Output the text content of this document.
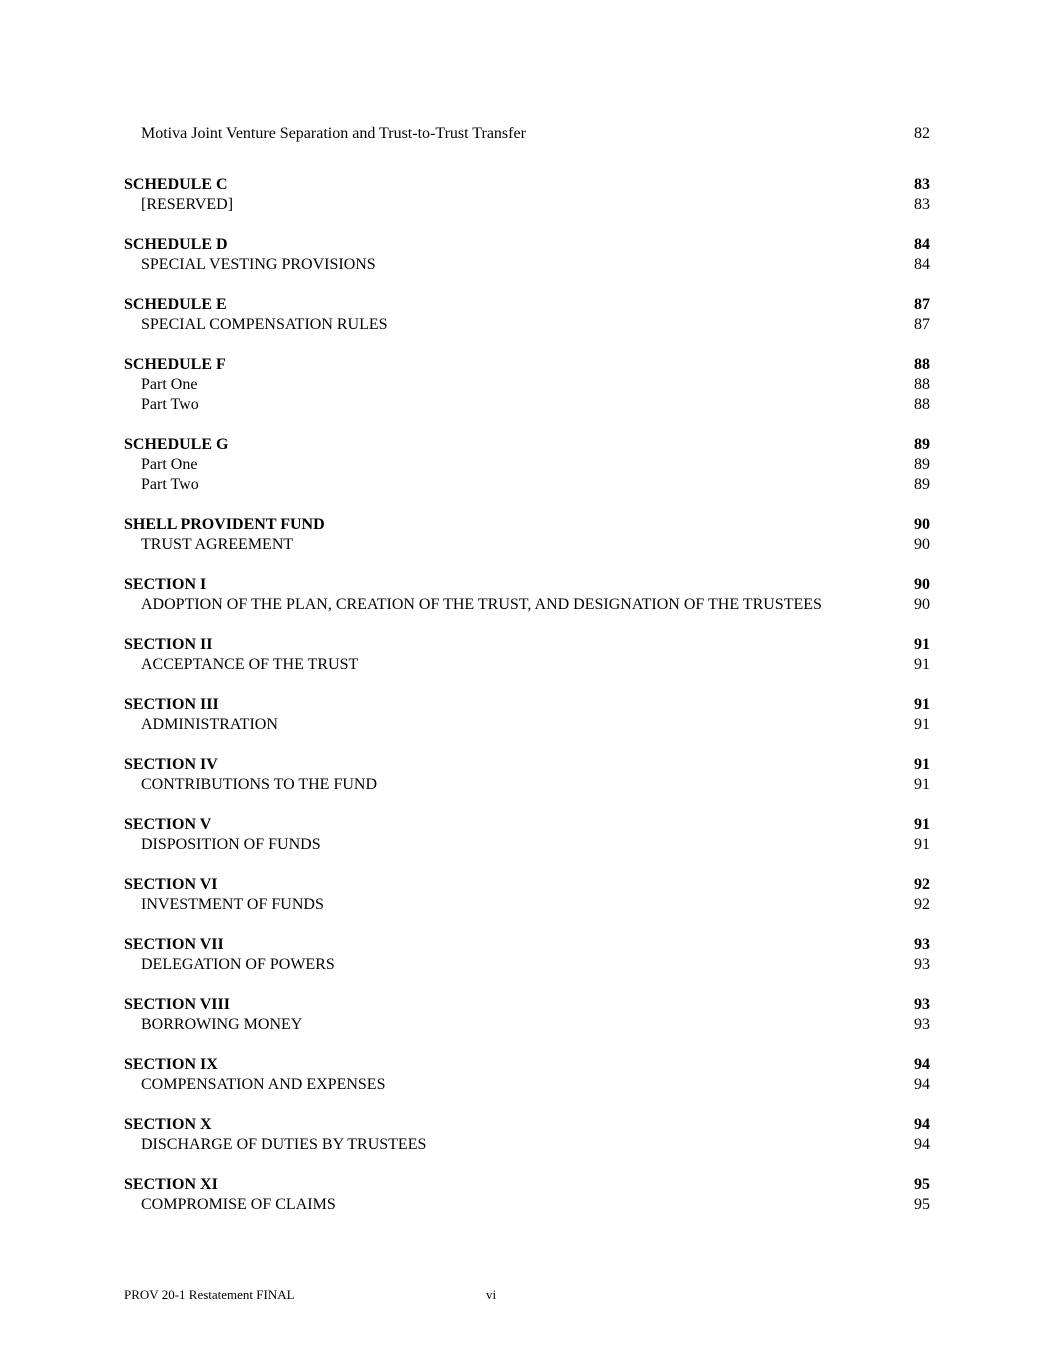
Motiva Joint Venture Separation and Trust-to-Trust Transfer	82
SCHEDULE C	83
[RESERVED]	83
SCHEDULE D	84
SPECIAL VESTING PROVISIONS	84
SCHEDULE E	87
SPECIAL COMPENSATION RULES	87
SCHEDULE F	88
Part One	88
Part Two	88
SCHEDULE G	89
Part One	89
Part Two	89
SHELL PROVIDENT FUND	90
TRUST AGREEMENT	90
SECTION I	90
ADOPTION OF THE PLAN, CREATION OF THE TRUST, AND DESIGNATION OF THE TRUSTEES	90
SECTION II	91
ACCEPTANCE OF THE TRUST	91
SECTION III	91
ADMINISTRATION	91
SECTION IV	91
CONTRIBUTIONS TO THE FUND	91
SECTION V	91
DISPOSITION OF FUNDS	91
SECTION VI	92
INVESTMENT OF FUNDS	92
SECTION VII	93
DELEGATION OF POWERS	93
SECTION VIII	93
BORROWING MONEY	93
SECTION IX	94
COMPENSATION AND EXPENSES	94
SECTION X	94
DISCHARGE OF DUTIES BY TRUSTEES	94
SECTION XI	95
COMPROMISE OF CLAIMS	95
PROV 20-1 Restatement FINAL	vi
